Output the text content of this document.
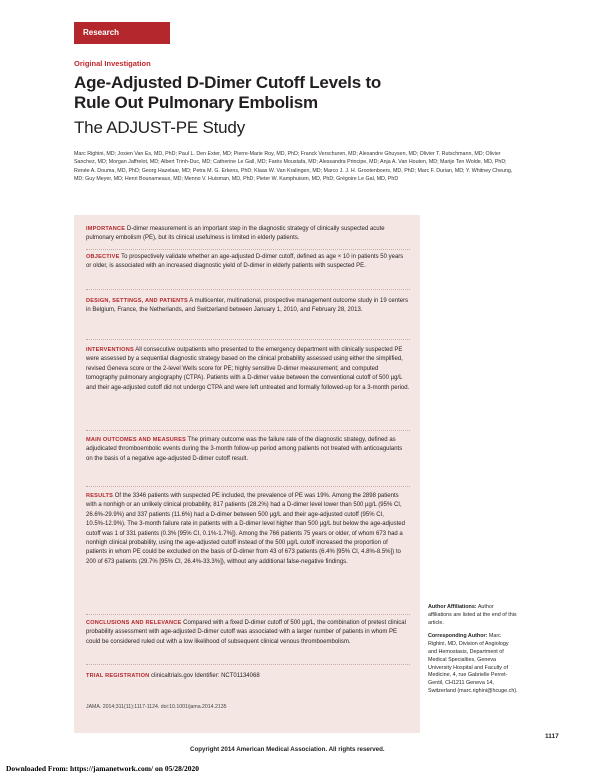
Research
Original Investigation
Age-Adjusted D-Dimer Cutoff Levels to Rule Out Pulmonary Embolism
The ADJUST-PE Study
Marc Righini, MD; Josien Van Es, MD, PhD; Paul L. Den Exter, MD; Pierre-Marie Roy, MD, PhD; Franck Verschuren, MD; Alexandre Ghuysen, MD; Olivier T. Rutschmann, MD; Olivier Sanchez, MD; Morgan Jaffrelot, MD; Albert Trinh-Duc, MD; Catherine Le Gall, MD; Farès Moustafa, MD; Alessandra Principe, MD; Anja A. Van Houten, MD; Marije Ten Wolde, MD, PhD; Renée A. Douma, MD, PhD; Georg Hazelaar, MD; Petra M. G. Erkens, PhD; Klaas W. Van Kralingen, MD; Marco J. J. H. Grootenboers, MD, PhD; Marc F. Durian, MD; Y. Whitney Cheung, MD; Guy Meyer, MD; Henri Bounameaux, MD; Menno V. Huisman, MD, PhD; Pieter W. Kamphuisen, MD, PhD; Grégoire Le Gal, MD, PhD
IMPORTANCE D-dimer measurement is an important step in the diagnostic strategy of clinically suspected acute pulmonary embolism (PE), but its clinical usefulness is limited in elderly patients.
OBJECTIVE To prospectively validate whether an age-adjusted D-dimer cutoff, defined as age × 10 in patients 50 years or older, is associated with an increased diagnostic yield of D-dimer in elderly patients with suspected PE.
DESIGN, SETTINGS, AND PATIENTS A multicenter, multinational, prospective management outcome study in 19 centers in Belgium, France, the Netherlands, and Switzerland between January 1, 2010, and February 28, 2013.
INTERVENTIONS All consecutive outpatients who presented to the emergency department with clinically suspected PE were assessed by a sequential diagnostic strategy based on the clinical probability assessed using either the simplified, revised Geneva score or the 2-level Wells score for PE; highly sensitive D-dimer measurement; and computed tomography pulmonary angiography (CTPA). Patients with a D-dimer value between the conventional cutoff of 500 µg/L and their age-adjusted cutoff did not undergo CTPA and were left untreated and formally followed-up for a 3-month period.
MAIN OUTCOMES AND MEASURES The primary outcome was the failure rate of the diagnostic strategy, defined as adjudicated thromboembolic events during the 3-month follow-up period among patients not treated with anticoagulants on the basis of a negative age-adjusted D-dimer cutoff result.
RESULTS Of the 3346 patients with suspected PE included, the prevalence of PE was 19%. Among the 2898 patients with a nonhigh or an unlikely clinical probability, 817 patients (28.2%) had a D-dimer level lower than 500 µg/L (95% CI, 26.6%-29.9%) and 337 patients (11.6%) had a D-dimer between 500 µg/L and their age-adjusted cutoff (95% CI, 10.5%-12.9%). The 3-month failure rate in patients with a D-dimer level higher than 500 µg/L but below the age-adjusted cutoff was 1 of 331 patients (0.3% [95% CI, 0.1%-1.7%]). Among the 766 patients 75 years or older, of whom 673 had a nonhigh clinical probability, using the age-adjusted cutoff instead of the 500 µg/L cutoff increased the proportion of patients in whom PE could be excluded on the basis of D-dimer from 43 of 673 patients (6.4% [95% CI, 4.8%-8.5%]) to 200 of 673 patients (29.7% [95% CI, 26.4%-33.3%]), without any additional false-negative findings.
CONCLUSIONS AND RELEVANCE Compared with a fixed D-dimer cutoff of 500 µg/L, the combination of pretest clinical probability assessment with age-adjusted D-dimer cutoff was associated with a larger number of patients in whom PE could be considered ruled out with a low likelihood of subsequent clinical venous thromboembolism.
TRIAL REGISTRATION clinicaltrials.gov Identifier: NCT01134068
JAMA. 2014;311(11):1117-1124. doi:10.1001/jama.2014.2135
Author Affiliations: Author affiliations are listed at the end of this article.
Corresponding Author: Marc Righini, MD, Division of Angiology and Hemostasis, Department of Medical Specialties, Geneva University Hospital and Faculty of Medicine, 4, rue Gabrielle Perret-Gentil, CH1211 Geneva 14, Switzerland (marc.righini@hcuge.ch).
1117
Copyright 2014 American Medical Association. All rights reserved.
Downloaded From: https://jamanetwork.com/ on 05/28/2020
